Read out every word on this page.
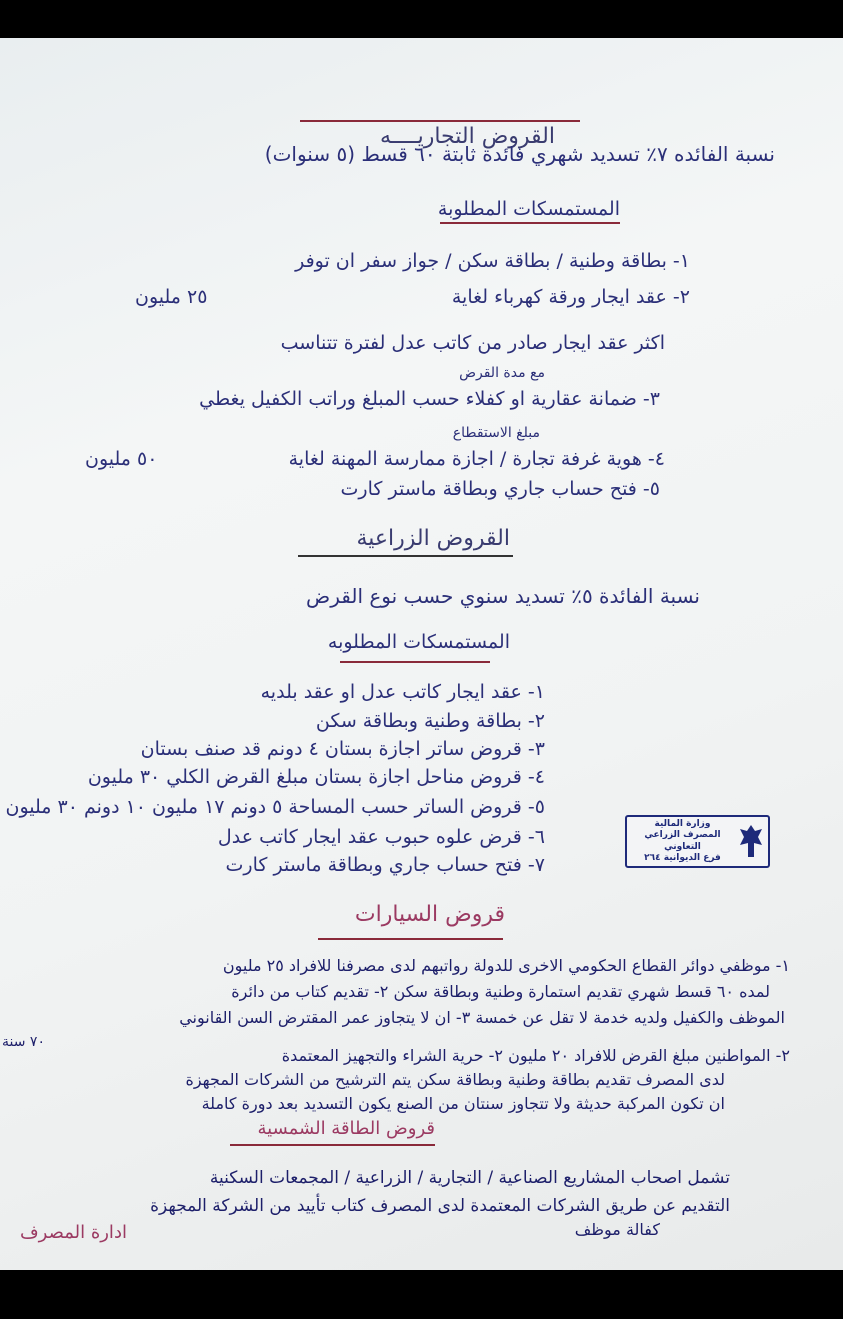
القروض التجاريــــه
نسبة الفائده ٧٪ تسديد شهري فائدة ثابتة ٦٠ قسط (٥ سنوات)
المستمسكات المطلوبة
١- بطاقة وطنية / بطاقة سكن / جواز سفر ان توفر
٢- عقد ايجار ورقة كهرباء لغاية
٢٥ مليون
اكثر عقد ايجار صادر من كاتب عدل لفترة تتناسب
مع مدة القرض
٣- ضمانة عقارية او كفلاء حسب المبلغ وراتب الكفيل يغطي
مبلغ الاستقطاع
٤- هوية غرفة تجارة / اجازة ممارسة المهنة لغاية
٥٠ مليون
٥- فتح حساب جاري وبطاقة ماستر كارت
القروض الزراعية
نسبة الفائدة ٥٪ تسديد سنوي حسب نوع القرض
المستمسكات المطلوبه
١- عقد ايجار كاتب عدل او عقد بلديه
٢- بطاقة وطنية وبطاقة سكن
٣- قروض ساتر اجازة بستان ٤ دونم قد صنف بستان
٤- قروض مناحل اجازة بستان مبلغ القرض الكلي ٣٠ مليون
٥- قروض الساتر حسب المساحة ٥ دونم ١٧ مليون ١٠ دونم ٣٠ مليون
٦- قرض علوه حبوب عقد ايجار كاتب عدل
٧- فتح حساب جاري وبطاقة ماستر كارت
وزارة المالية
المصرف الزراعي التعاوني
فرع الديوانية ٢٦٤
قروض السيارات
١- موظفي دوائر القطاع الحكومي الاخرى للدولة رواتبهم لدى مصرفنا للافراد ٢٥ مليون
لمده ٦٠ قسط شهري تقديم استمارة وطنية وبطاقة سكن ٢- تقديم كتاب من دائرة
الموظف والكفيل ولديه خدمة لا تقل عن خمسة ٣- ان لا يتجاوز عمر المقترض السن القانوني
٧٠ سنة
٢- المواطنين مبلغ القرض للافراد ٢٠ مليون ٢- حرية الشراء والتجهيز المعتمدة
لدى المصرف تقديم بطاقة وطنية وبطاقة سكن يتم الترشيح من الشركات المجهزة
ان تكون المركبة حديثة ولا تتجاوز سنتان من الصنع يكون التسديد بعد دورة كاملة
قروض الطاقة الشمسية
تشمل اصحاب المشاريع الصناعية / التجارية / الزراعية / المجمعات السكنية
التقديم عن طريق الشركات المعتمدة لدى المصرف كتاب تأييد من الشركة المجهزة
كفالة موظف
ادارة المصرف
